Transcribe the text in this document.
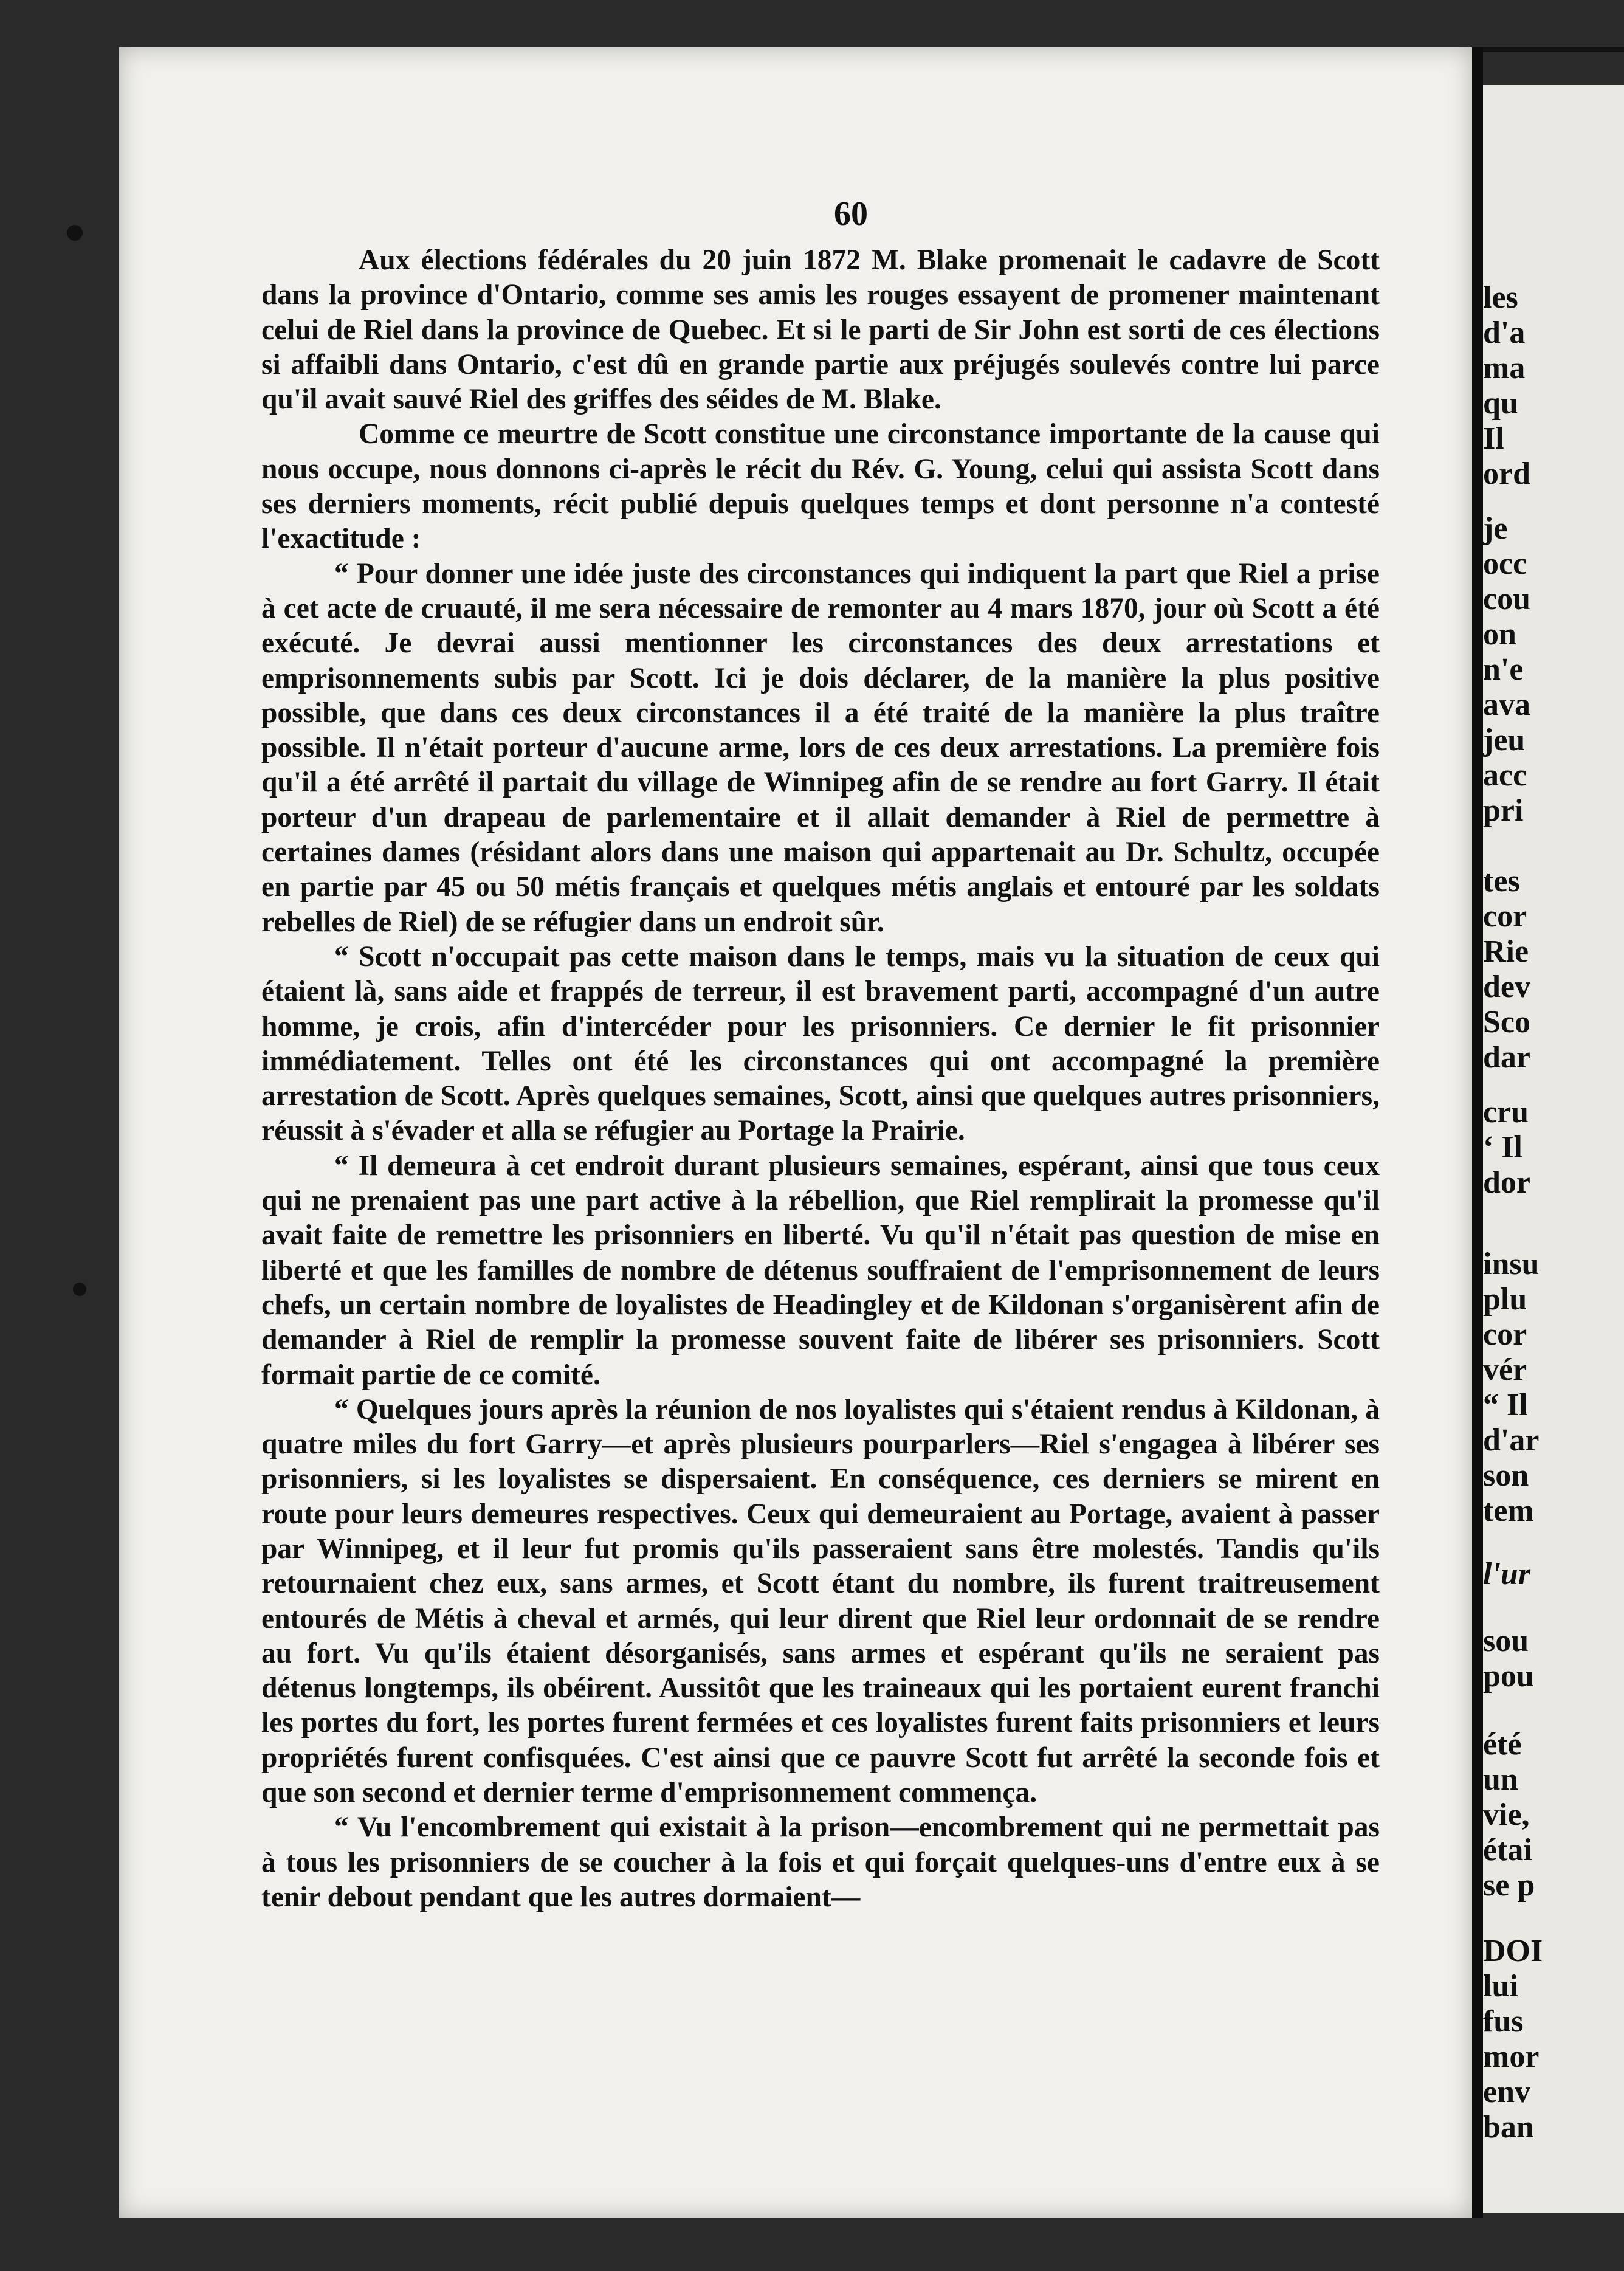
60

Aux élections fédérales du 20 juin 1872 M. Blake promenait le cadavre de Scott dans la province d'Ontario, comme ses amis les rouges essayent de promener maintenant celui de Riel dans la province de Quebec. Et si le parti de Sir John est sorti de ces élections si affaibli dans Ontario, c'est dû en grande partie aux préjugés soulevés contre lui parce qu'il avait sauvé Riel des griffes des séides de M. Blake.

Comme ce meurtre de Scott constitue une circonstance importante de la cause qui nous occupe, nous donnons ci-après le récit du Rév. G. Young, celui qui assista Scott dans ses derniers moments, récit publié depuis quelques temps et dont personne n'a contesté l'exactitude :

“ Pour donner une idée juste des circonstances qui indiquent la part que Riel a prise à cet acte de cruauté, il me sera nécessaire de remonter au 4 mars 1870, jour où Scott a été exécuté. Je devrai aussi mentionner les circonstances des deux arrestations et emprisonnements subis par Scott. Ici je dois déclarer, de la manière la plus positive possible, que dans ces deux circonstances il a été traité de la manière la plus traître possible. Il n'était porteur d'aucune arme, lors de ces deux arrestations. La première fois qu'il a été arrêté il partait du village de Winnipeg afin de se rendre au fort Garry. Il était porteur d'un drapeau de parlementaire et il allait demander à Riel de permettre à certaines dames (résidant alors dans une maison qui appartenait au Dr. Schultz, occupée en partie par 45 ou 50 métis français et quelques métis anglais et entouré par les soldats rebelles de Riel) de se réfugier dans un endroit sûr.

“ Scott n'occupait pas cette maison dans le temps, mais vu la situation de ceux qui étaient là, sans aide et frappés de terreur, il est bravement parti, accompagné d'un autre homme, je crois, afin d'intercéder pour les prisonniers. Ce dernier le fit prisonnier immédiatement. Telles ont été les circonstances qui ont accompagné la première arrestation de Scott. Après quelques semaines, Scott, ainsi que quelques autres prisonniers, réussit à s'évader et alla se réfugier au Portage la Prairie.

“ Il demeura à cet endroit durant plusieurs semaines, espérant, ainsi que tous ceux qui ne prenaient pas une part active à la rébellion, que Riel remplirait la promesse qu'il avait faite de remettre les prisonniers en liberté. Vu qu'il n'était pas question de mise en liberté et que les familles de nombre de détenus souffraient de l'emprisonnement de leurs chefs, un certain nombre de loyalistes de Headingley et de Kildonan s'organisèrent afin de demander à Riel de remplir la promesse souvent faite de libérer ses prisonniers. Scott formait partie de ce comité.

“ Quelques jours après la réunion de nos loyalistes qui s'étaient rendus à Kildonan, à quatre miles du fort Garry—et après plusieurs pourparlers—Riel s'engagea à libérer ses prisonniers, si les loyalistes se dispersaient. En conséquence, ces derniers se mirent en route pour leurs demeures respectives. Ceux qui demeuraient au Portage, avaient à passer par Winnipeg, et il leur fut promis qu'ils passeraient sans être molestés. Tandis qu'ils retournaient chez eux, sans armes, et Scott étant du nombre, ils furent traitreusement entourés de Métis à cheval et armés, qui leur dirent que Riel leur ordonnait de se rendre au fort. Vu qu'ils étaient désorganisés, sans armes et espérant qu'ils ne seraient pas détenus longtemps, ils obéirent. Aussitôt que les traineaux qui les portaient eurent franchi les portes du fort, les portes furent fermées et ces loyalistes furent faits prisonniers et leurs propriétés furent confisquées. C'est ainsi que ce pauvre Scott fut arrêté la seconde fois et que son second et dernier terme d'emprisonnement commença.

“ Vu l'encombrement qui existait à la prison—encombrement qui ne permettait pas à tous les prisonniers de se coucher à la fois et qui forçait quelques-uns d'entre eux à se tenir debout pendant que les autres dormaient—

les
d'a
ma
qu
Il
ord
je
occ
cou
on
n'e
ava
jeu
acc
pri
tes
cor
Rie
dev
Sco
dar
cru
‘ Il
dor
insu
plu
cor
vér
“ Il
d'ar
son
tem
l'ur
sou
pou
été
un
vie,
étai
se p
DOI
lui
fus
mor
env
ban
